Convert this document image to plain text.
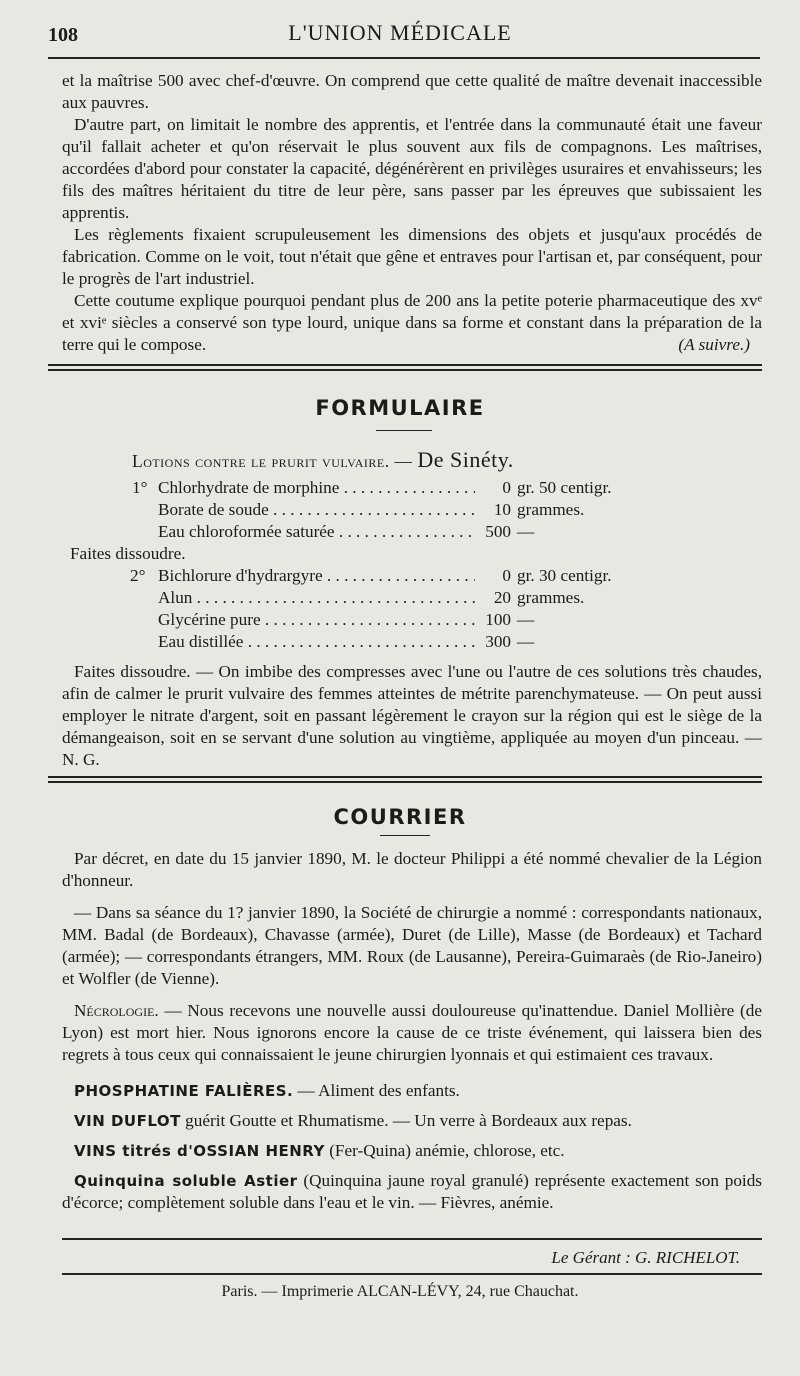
108	L'UNION MÉDICALE

et la maîtrise 500 avec chef-d'œuvre. On comprend que cette qualité de maître devenait inaccessible aux pauvres.

D'autre part, on limitait le nombre des apprentis, et l'entrée dans la communauté était une faveur qu'il fallait acheter et qu'on réservait le plus souvent aux fils de compagnons. Les maîtrises, accordées d'abord pour constater la capacité, dégénérèrent en privilèges usuraires et envahisseurs; les fils des maîtres héritaient du titre de leur père, sans passer par les épreuves que subissaient les apprentis.

Les règlements fixaient scrupuleusement les dimensions des objets et jusqu'aux procédés de fabrication. Comme on le voit, tout n'était que gêne et entraves pour l'artisan et, par conséquent, pour le progrès de l'art industriel.

Cette coutume explique pourquoi pendant plus de 200 ans la petite poterie pharmaceutique des xvᵉ et xviᵉ siècles a conservé son type lourd, unique dans sa forme et constant dans la préparation de la terre qui le compose.	(A suivre.)
FORMULAIRE
Lotions contre le prurit vulvaire. — De Sinéty.
1° Chlorhydrate de morphine . . .	0 gr. 50 centigr.
Borate de soude . . .	10 grammes.
Eau chloroformée saturée . . .	500 —
Faites dissoudre.
2° Bichlorure d'hydrargyre . . .	0 gr. 30 centigr.
Alun . . .	20 grammes.
Glycérine pure . . .	100 —
Eau distillée . . .	300 —

Faites dissoudre. — On imbibe des compresses avec l'une ou l'autre de ces solutions très chaudes, afin de calmer le prurit vulvaire des femmes atteintes de métrite parenchymateuse. — On peut aussi employer le nitrate d'argent, soit en passant légèrement le crayon sur la région qui est le siège de la démangeaison, soit en se servant d'une solution au vingtième, appliquée au moyen d'un pinceau. — N. G.

COURRIER

Par décret, en date du 15 janvier 1890, M. le docteur Philippi a été nommé chevalier de la Légion d'honneur.

— Dans sa séance du 1? janvier 1890, la Société de chirurgie a nommé : correspondants nationaux, MM. Badal (de Bordeaux), Chavasse (armée), Duret (de Lille), Masse (de Bordeaux) et Tachard (armée); — correspondants étrangers, MM. Roux (de Lausanne), Pereira-Guimaraès (de Rio-Janeiro) et Wolfler (de Vienne).

Nécrologie. — Nous recevons une nouvelle aussi douloureuse qu'inattendue. Daniel Mollière (de Lyon) est mort hier. Nous ignorons encore la cause de ce triste événement, qui laissera bien des regrets à tous ceux qui connaissaient le jeune chirurgien lyonnais et qui estimaient ces travaux.

PHOSPHATINE FALIÈRES. — Aliment des enfants.

VIN DUFLOT guérit Goutte et Rhumatisme. — Un verre à Bordeaux aux repas.

VINS titrés d'OSSIAN HENRY (Fer-Quina) anémie, chlorose, etc.

Quinquina soluble Astier (Quinquina jaune royal granulé) représente exactement son poids d'écorce; complètement soluble dans l'eau et le vin. — Fièvres, anémie.

Le Gérant : G. RICHELOT.
Paris. — Imprimerie ALCAN-LÉVY, 24, rue Chauchat.
